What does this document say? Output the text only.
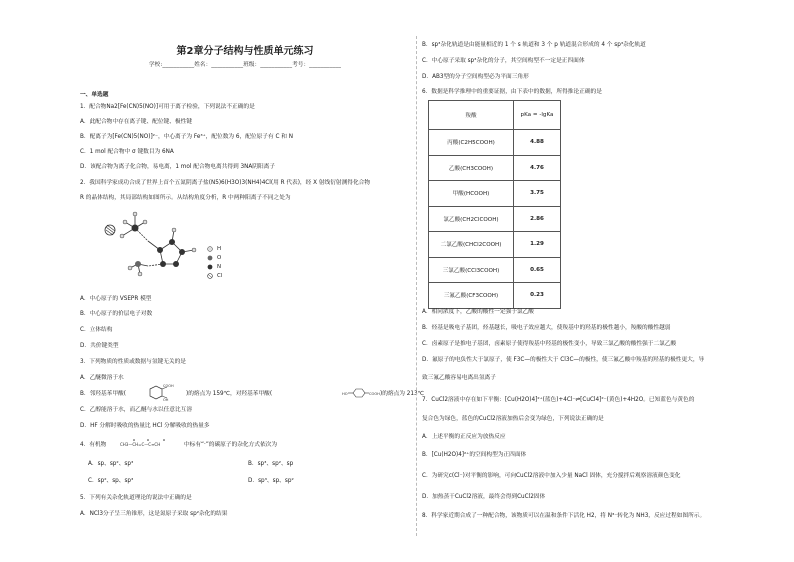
第2章分子结构与性质单元练习
学校:___________姓名：___________班级：___________考号：___________
一、单选题
1．配合物Na2[Fe(CN)5(NO)]可用于离子检验，下列说法不正确的是
A．此配合物中存在离子键、配位键、极性键
B．配离子为[Fe(CN)5(NO)]²⁻，中心离子为 Fe³⁺，配位数为 6，配位原子有 C 和 N
C．1 mol 配合物中 σ 键数目为 6NA
D．该配合物为离子化合物，易电离，1 mol 配合物电离共得到 3NA阴阳离子
2．我国科学家成功合成了世界上首个五氮阴离子盐(N5)6(H3O)3(NH4)4Cl(用 R 代表)，经 X 射线衍射测得化合物
R 的晶体结构，其局部结构如图所示。从结构角度分析，R 中两种阳离子不同之处为
H
O
N
Cl
A．中心原子的 VSEPR 模型
B．中心原子的价层电子对数
C．立体结构
D．共价键类型
3．下列物质的性质或数据与氢键无关的是
A．乙醚微溶于水
B．邻羟基苯甲酸(
COOH
OH
)的熔点为 159℃，对羟基苯甲酸(	HO	COOH )的熔点为 213℃
C．乙醇能溶于水，而乙醚与水以任意比互溶
D．HF 分解时吸收的热量比 HCl 分解吸收的热量多
4．有机物	CH3—CH=C—C≡CH	中标有“·”的碳原子的杂化方式依次为
A．sp、sp²、sp³	B．sp³、sp²、sp
C．sp²、sp、sp³	D．sp³、sp、sp²
5．下列有关杂化轨道理论的说法中正确的是
A．NCl3分子呈三角锥形，这是氮原子采取 sp²杂化的结果
B．sp³杂化轨道是由能量相近的 1 个 s 轨道和 3 个 p 轨道混合形成的 4 个 sp³杂化轨道
C．中心原子采取 sp³杂化的分子，其空间构型不一定是正四面体
D．AB3型的分子空间构型必为平面三角形
6．数据是科学推理中的重要证据，由下表中的数据，所得推论正确的是
羧酸	pKa = -lgKa
丙酸(C2H5COOH)	4.88
乙酸(CH3COOH)	4.76
甲酸(HCOOH)	3.75
氯乙酸(CH2ClCOOH)	2.86
二氯乙酸(CHCl2COOH)	1.29
三氯乙酸(CCl3COOH)	0.65
三氟乙酸(CF3COOH)	0.23
A．相同浓度下，乙酸的酸性一定强于氯乙酸
B．烃基是吸电子基团，烃基越长，吸电子效应越大，使羧基中的羟基的极性越小，羧酸的酸性越弱
C．卤素原子是推电子基团，卤素原子使得羧基中羟基的极性变小，导致三氯乙酸的酸性强于二氯乙酸
D．氟原子的电负性大于氯原子，使 F3C—的极性大于 Cl3C—的极性，使三氟乙酸中羧基的羟基的极性更大，导
致三氟乙酸容易电离出氢离子
7．CuCl2溶液中存在如下平衡：[Cu(H2O)4]²⁺(蓝色)+4Cl⁻⇌[CuCl4]²⁻(黄色)+4H2O。已知蓝色与黄色的
复合色为绿色，蓝色的CuCl2溶液加热后会变为绿色，下列说法正确的是
A．上述平衡的正反应为放热反应
B．[Cu(H2O)4]²⁺的空间构型为正四面体
C．为研究c(Cl⁻)对平衡的影响，可向CuCl2溶液中加入少量 NaCl 固体，充分搅拌后观察溶液颜色变化
D．加热蒸干CuCl2溶液，最终会得到CuCl2固体
8．科学家近期合成了一种配合物，该物质可以在温和条件下活化 H2，将 N³⁻转化为 NH3，反应过程如图所示。
